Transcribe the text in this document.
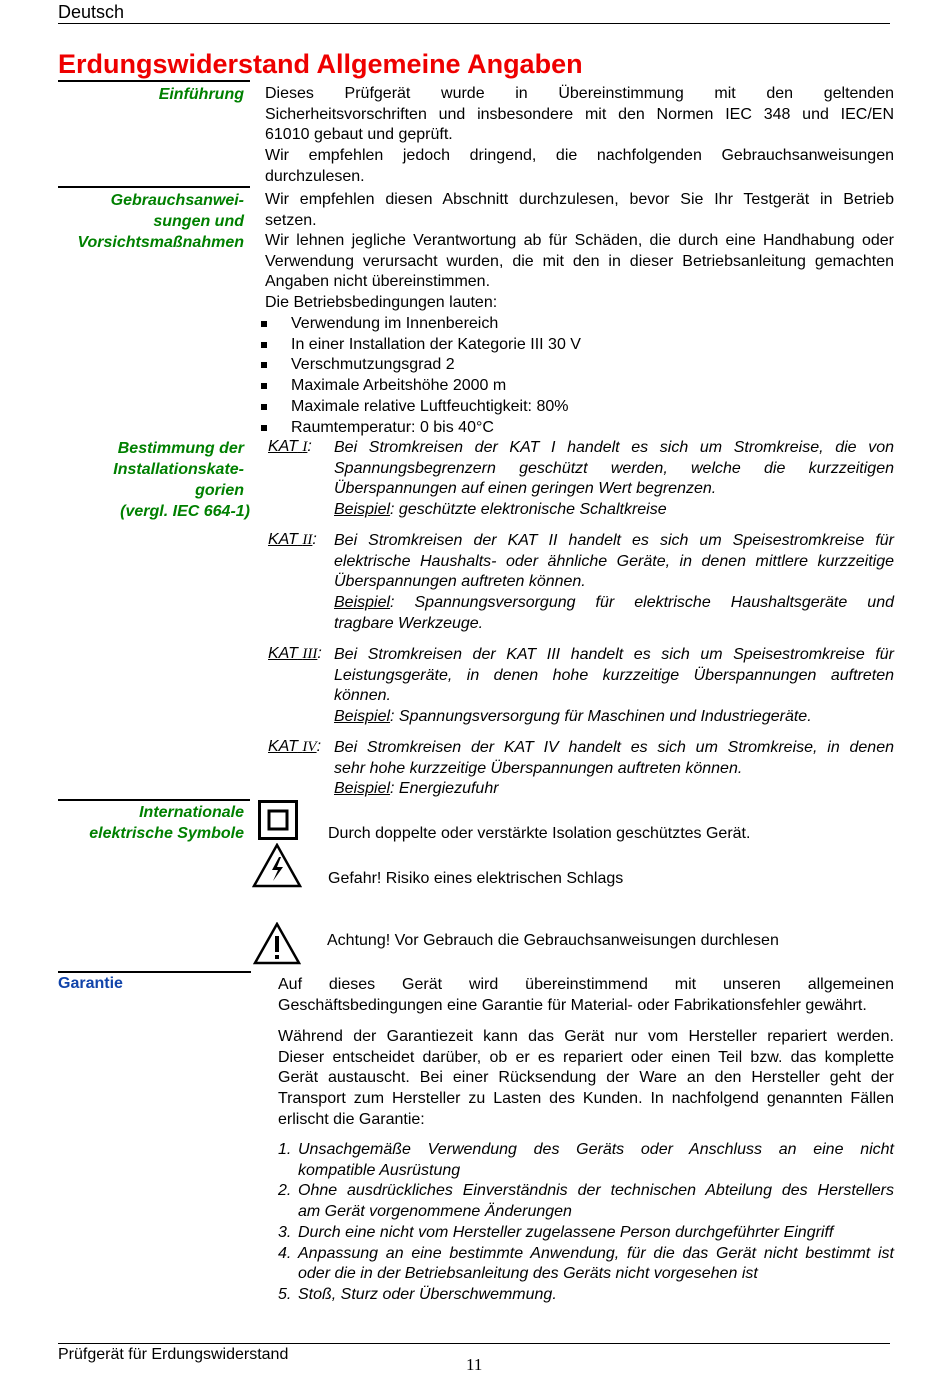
Deutsch
Erdungswiderstand Allgemeine Angaben
Einführung Dieses Prüfgerät wurde in Übereinstimmung mit den geltenden
Sicherheitsvorschriften und insbesondere mit den Normen IEC 348 und IEC/EN
61010 gebaut und geprüft.
Wir empfehlen jedoch dringend, die nachfolgenden Gebrauchsanweisungen
durchzulesen.
Gebrauchsanwei-
sungen und
Vorsichtsmaßnahmen
Wir empfehlen diesen Abschnitt durchzulesen, bevor Sie Ihr Testgerät in Betrieb
setzen.
Wir lehnen jegliche Verantwortung ab für Schäden, die durch eine Handhabung oder
Verwendung verursacht wurden, die mit den in dieser Betriebsanleitung gemachten
Angaben nicht übereinstimmen.
Die Betriebsbedingungen lauten:
Verwendung im Innenbereich
In einer Installation der Kategorie III 30 V
Verschmutzungsgrad 2
Maximale Arbeitshöhe 2000 m
Maximale relative Luftfeuchtigkeit: 80%
Raumtemperatur: 0 bis 40°C
Bestimmung der
Installationskate-
gorien
(vergl. IEC 664-1)
KAT I: Bei Stromkreisen der KAT I handelt es sich um Stromkreise, die von
Spannungsbegrenzern geschützt werden, welche die kurzzeitigen
Überspannungen auf einen geringen Wert begrenzen.
Beispiel: geschützte elektronische Schaltkreise
KAT II: Bei Stromkreisen der KAT II handelt es sich um Speisestromkreise für
elektrische Haushalts- oder ähnliche Geräte, in denen mittlere kurzzeitige
Überspannungen auftreten können.
Beispiel: Spannungsversorgung für elektrische Haushaltsgeräte und
tragbare Werkzeuge.
KAT III: Bei Stromkreisen der KAT III handelt es sich um Speisestromkreise für
Leistungsgeräte, in denen hohe kurzzeitige Überspannungen auftreten
können.
Beispiel: Spannungsversorgung für Maschinen und Industriegeräte.
KAT IV: Bei Stromkreisen der KAT IV handelt es sich um Stromkreise, in denen
sehr hohe kurzzeitige Überspannungen auftreten können.
Beispiel: Energiezufuhr
Internationale
elektrische Symbole	Durch doppelte oder verstärkte Isolation geschütztes Gerät.
Gefahr! Risiko eines elektrischen Schlags
Achtung! Vor Gebrauch die Gebrauchsanweisungen durchlesen
Garantie	Auf dieses Gerät wird übereinstimmend mit unseren allgemeinen
Geschäftsbedingungen eine Garantie für Material- oder Fabrikationsfehler gewährt.
Während der Garantiezeit kann das Gerät nur vom Hersteller repariert werden.
Dieser entscheidet darüber, ob er es repariert oder einen Teil bzw. das komplette
Gerät austauscht. Bei einer Rücksendung der Ware an den Hersteller geht der
Transport zum Hersteller zu Lasten des Kunden. In nachfolgend genannten Fällen
erlischt die Garantie:
1. Unsachgemäße Verwendung des Geräts oder Anschluss an eine nicht
kompatible Ausrüstung
2. Ohne ausdrückliches Einverständnis der technischen Abteilung des Herstellers
am Gerät vorgenommene Änderungen
3. Durch eine nicht vom Hersteller zugelassene Person durchgeführter Eingriff
4. Anpassung an eine bestimmte Anwendung, für die das Gerät nicht bestimmt ist
oder die in der Betriebsanleitung des Geräts nicht vorgesehen ist
5. Stoß, Sturz oder Überschwemmung.
Prüfgerät für Erdungswiderstand
11
